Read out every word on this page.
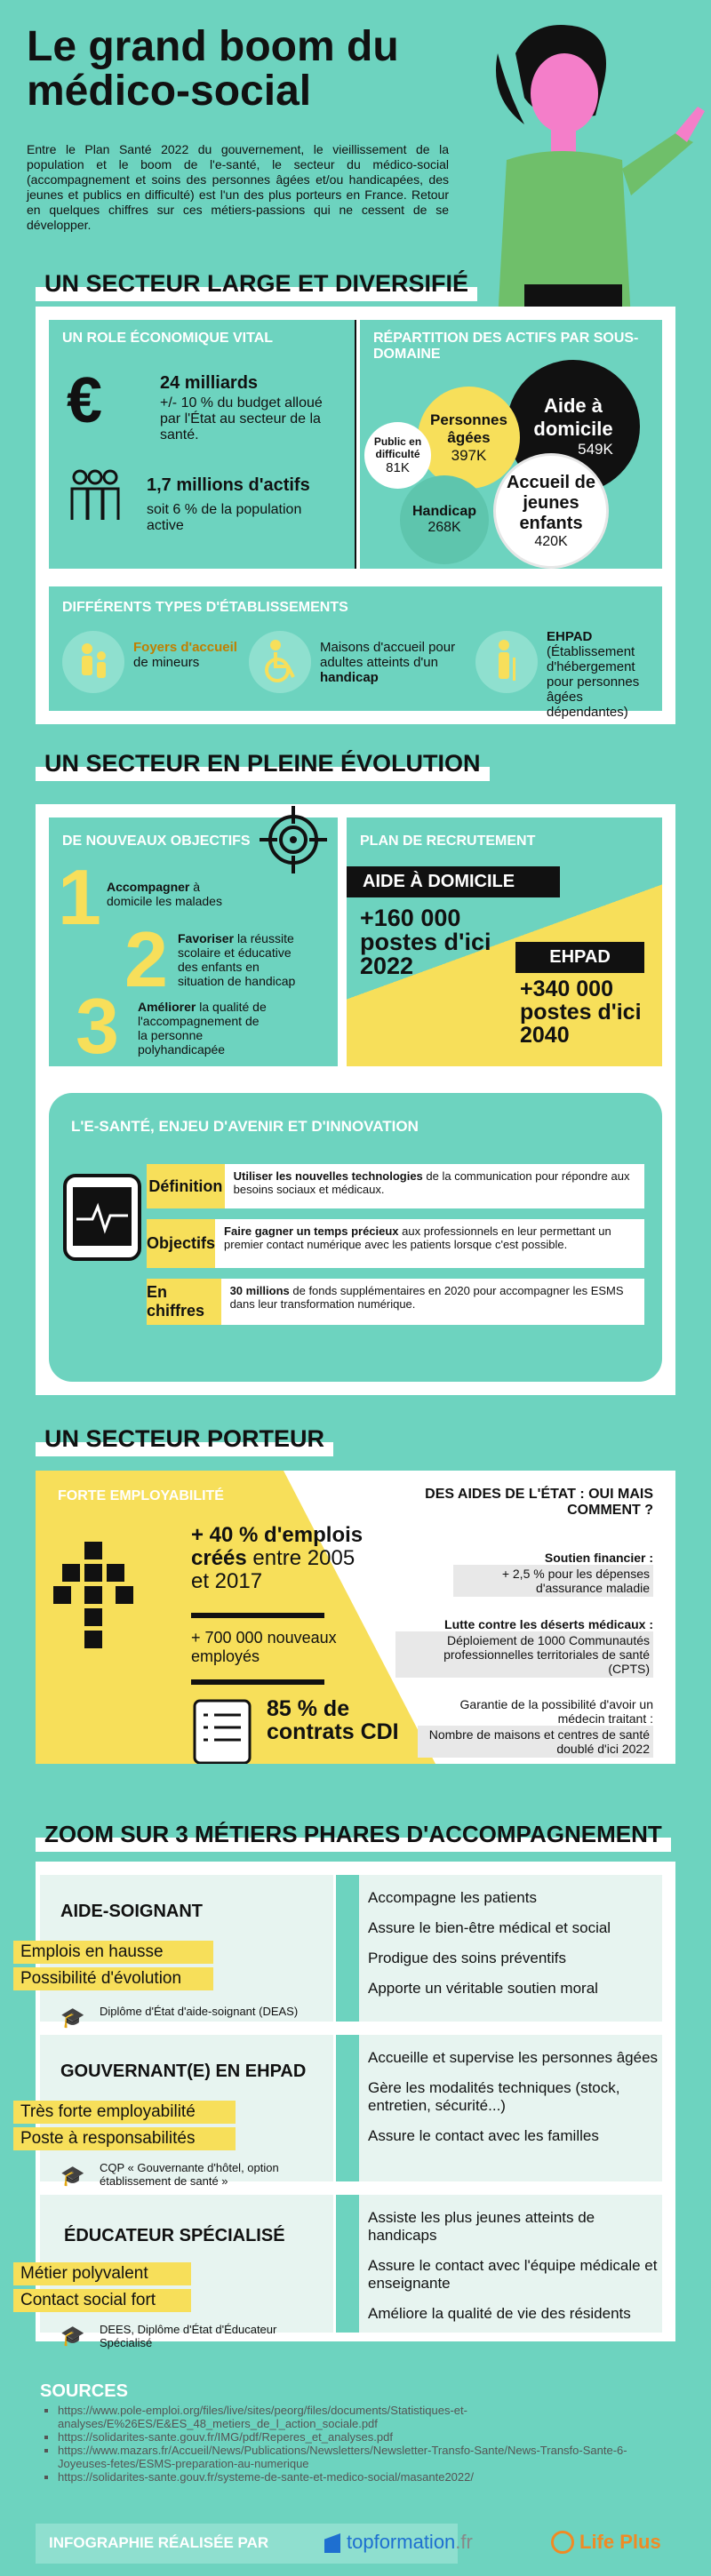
Le grand boom du médico-social
Entre le Plan Santé 2022 du gouvernement, le vieillissement de la population et le boom de l'e-santé, le secteur du médico-social (accompagnement et soins des personnes âgées et/ou handicapées, des jeunes et publics en difficulté) est l'un des plus porteurs en France. Retour en quelques chiffres sur ces métiers-passions qui ne cessent de se développer.
UN SECTEUR LARGE ET DIVERSIFIÉ
UN ROLE ÉCONOMIQUE VITAL
€	24 milliards
+/- 10 % du budget alloué par l'État au secteur de la santé.
1,7 millions d'actifs
soit 6 % de la population active
RÉPARTITION DES ACTIFS PAR SOUS-DOMAINE
Aide à domicile
549K
Personnes âgées
397K
Public en difficulté
81K
Handicap
268K
Accueil de jeunes enfants
420K
DIFFÉRENTS TYPES D'ÉTABLISSEMENTS
Foyers d'accueil de mineurs
Maisons d'accueil pour adultes atteints d'un handicap
EHPAD
(Établissement d'hébergement pour personnes âgées dépendantes)
UN SECTEUR EN PLEINE ÉVOLUTION
DE NOUVEAUX OBJECTIFS
1 Accompagner à domicile les malades
2 Favoriser la réussite scolaire et éducative des enfants en situation de handicap
3 Améliorer la qualité de l'accompagnement de la personne polyhandicapée
PLAN DE RECRUTEMENT
AIDE À DOMICILE
+160 000 postes d'ici 2022	EHPAD
+340 000 postes d'ici 2040
L'E-SANTÉ, ENJEU D'AVENIR ET D'INNOVATION
Définition
Utiliser les nouvelles technologies de la communication pour répondre aux besoins sociaux et médicaux.
Objectifs
Faire gagner un temps précieux aux professionnels en leur permettant un premier contact numérique avec les patients lorsque c'est possible.
En chiffres
30 millions de fonds supplémentaires en 2020 pour accompagner les ESMS dans leur transformation numérique.
UN SECTEUR PORTEUR
FORTE EMPLOYABILITÉ
+ 40 % d'emplois créés entre 2005 et 2017
+ 700 000 nouveaux employés
85 % de contrats CDI
DES AIDES DE L'ÉTAT : OUI MAIS COMMENT ?
Soutien financier :
+ 2,5 % pour les dépenses d'assurance maladie
Lutte contre les déserts médicaux :
Déploiement de 1000 Communautés professionnelles territoriales de santé (CPTS)
Garantie de la possibilité d'avoir un médecin traitant :
Nombre de maisons et centres de santé doublé d'ici 2022
ZOOM SUR 3 MÉTIERS PHARES D'ACCOMPAGNEMENT
AIDE-SOIGNANT
Emplois en hausse
Possibilité d'évolution
🎓 Diplôme d'État d'aide-soignant (DEAS)
Accompagne les patients
Assure le bien-être médical et social
Prodigue des soins préventifs
Apporte un véritable soutien moral
GOUVERNANT(E) EN EHPAD
Très forte employabilité
Poste à responsabilités
🎓 CQP « Gouvernante d'hôtel, option établissement de santé »
Accueille et supervise les personnes âgées
Gère les modalités techniques (stock, entretien, sécurité...)
Assure le contact avec les familles
ÉDUCATEUR SPÉCIALISÉ
Métier polyvalent
Contact social fort
🎓 DEES, Diplôme d'État d'Éducateur Spécialisé
Assiste les plus jeunes atteints de handicaps
Assure le contact avec l'équipe médicale et enseignante
Améliore la qualité de vie des résidents
SOURCES
▪ https://www.pole-emploi.org/files/live/sites/peorg/files/documents/Statistiques-et-analyses/E%26ES/E&ES_48_metiers_de_l_action_sociale.pdf
▪ https://solidarites-sante.gouv.fr/IMG/pdf/Reperes_et_analyses.pdf
▪ https://www.mazars.fr/Accueil/News/Publications/Newsletters/Newsletter-Transfo-Sante/News-Transfo-Sante-6-Joyeuses-fetes/ESMS-preparation-au-numerique
▪ https://solidarites-sante.gouv.fr/systeme-de-sante-et-medico-social/masante2022/
INFOGRAPHIE RÉALISÉE PAR	topformation.fr	Life Plus
